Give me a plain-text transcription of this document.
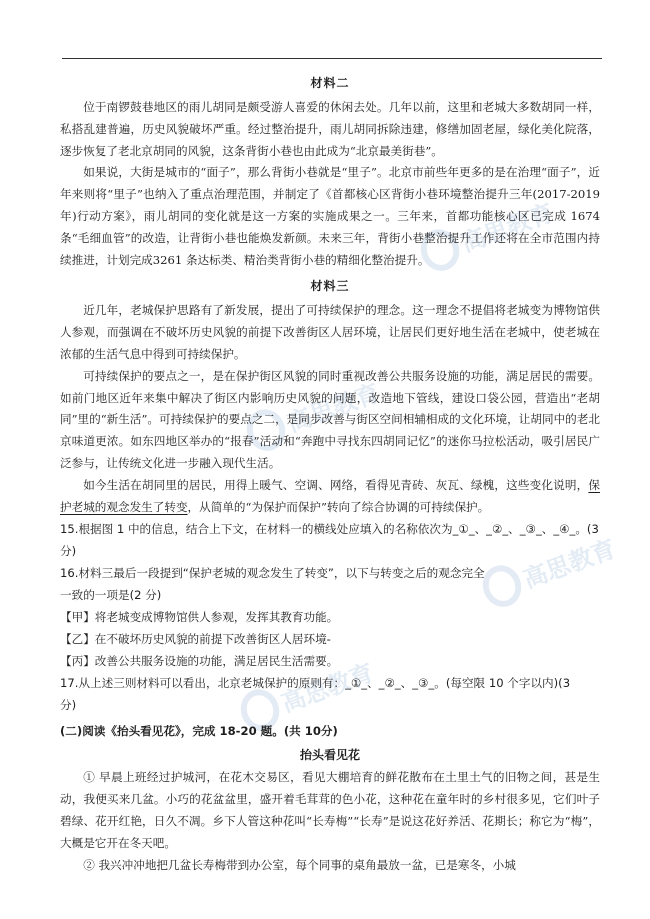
高思教育
高思教育
高思教育
高思教育
材料二

位于南锣鼓巷地区的雨儿胡同是颇受游人喜爱的休闲去处。几年以前，这里和老城大多数胡同一样，私搭乱建普遍，历史风貌破坏严重。经过整治提升，雨儿胡同拆除违建，修缮加固老屋，绿化美化院落，逐步恢复了老北京胡同的风貌，这条背街小巷也由此成为“北京最美街巷”。

如果说，大街是城市的“面子”，那么背街小巷就是“里子”。北京市前些年更多的是在治理“面子”，近年来则将“里子”也纳入了重点治理范围，并制定了《首都核心区背街小巷环境整治提升三年(2017-2019年)行动方案》，雨儿胡同的变化就是这一方案的实施成果之一。三年来，首都功能核心区已完成 1674 条“毛细血管”的改造，让背街小巷也能焕发新颜。未来三年，背街小巷整治提升工作还将在全市范围内持续推进，计划完成3261 条达标类、精治类背街小巷的精细化整治提升。

材料三

近几年，老城保护思路有了新发展，提出了可持续保护的理念。这一理念不提倡将老城变为博物馆供人参观，而强调在不破坏历史风貌的前提下改善街区人居环境，让居民们更好地生活在老城中，使老城在浓郁的生活气息中得到可持续保护。

可持续保护的要点之一，是在保护街区风貌的同时重视改善公共服务设施的功能，满足居民的需要。如前门地区近年来集中解决了街区内影响历史风貌的问题，改造地下管线，建设口袋公园，营造出“老胡同”里的“新生活”。可持续保护的要点之二，是同步改善与街区空间相辅相成的文化环境，让胡同中的老北京味道更浓。如东四地区举办的“报春”活动和“奔跑中寻找东四胡同记忆”的迷你马拉松活动，吸引居民广泛参与，让传统文化进一步融入现代生活。

如今生活在胡同里的居民，用得上暖气、空调、网络，看得见青砖、灰瓦、绿槐，这些变化说明，保护老城的观念发生了转变，从简单的“为保护而保护”转向了综合协调的可持续保护。

15.根据图 1 中的信息，结合上下文，在材料一的横线处应填入的名称依次为_①_、_②_、_③_、_④_。(3分)

16.材料三最后一段提到“保护老城的观念发生了转变”，以下与转变之后的观念完全

一致的一项是(2 分)

【甲】将老城变成博物馆供人参观，发挥其教育功能。

【乙】在不破坏历史风貌的前提下改善街区人居环境-

【丙】改善公共服务设施的功能，满足居民生活需要。

17.从上述三则材料可以看出，北京老城保护的原则有：_①_、_②_、_③_。(每空限 10 个字以内)(3

分)

(二)阅读《抬头看见花》，完成 18-20 题。(共 10分)

抬头看见花

① 早晨上班经过护城河，在花木交易区，看见大棚培育的鲜花散布在土里土气的旧物之间，甚是生动，我便买来几盆。小巧的花盆盆里，盛开着毛茸茸的色小花，这种花在童年时的乡村很多见，它们叶子碧绿、花开红艳，日久不凋。乡下人管这种花叫“长寿梅”“长寿”是说这花好养活、花期长；称它为“梅”，大概是它开在冬天吧。

② 我兴冲冲地把几盆长寿梅带到办公室，每个同事的桌角最放一盆，已是寒冬，小城
